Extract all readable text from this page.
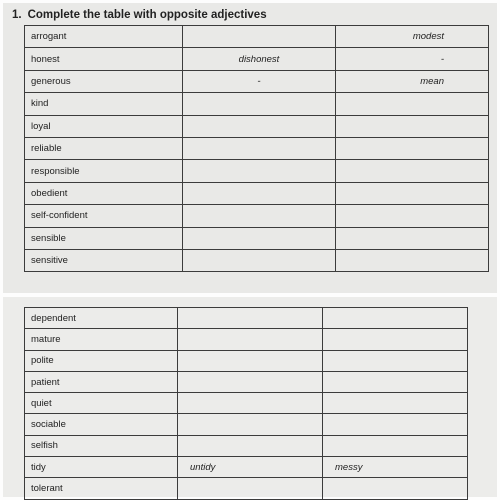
1. Complete the table with opposite adjectives
arrogant		modest
honest	dishonest	-
generous	-	mean
kind		
loyal		
reliable		
responsible		
obedient		
self-confident		
sensible		
sensitive		
dependent		
mature		
polite		
patient		
quiet		
sociable		
selfish		
tidy	untidy	messy
tolerant		
